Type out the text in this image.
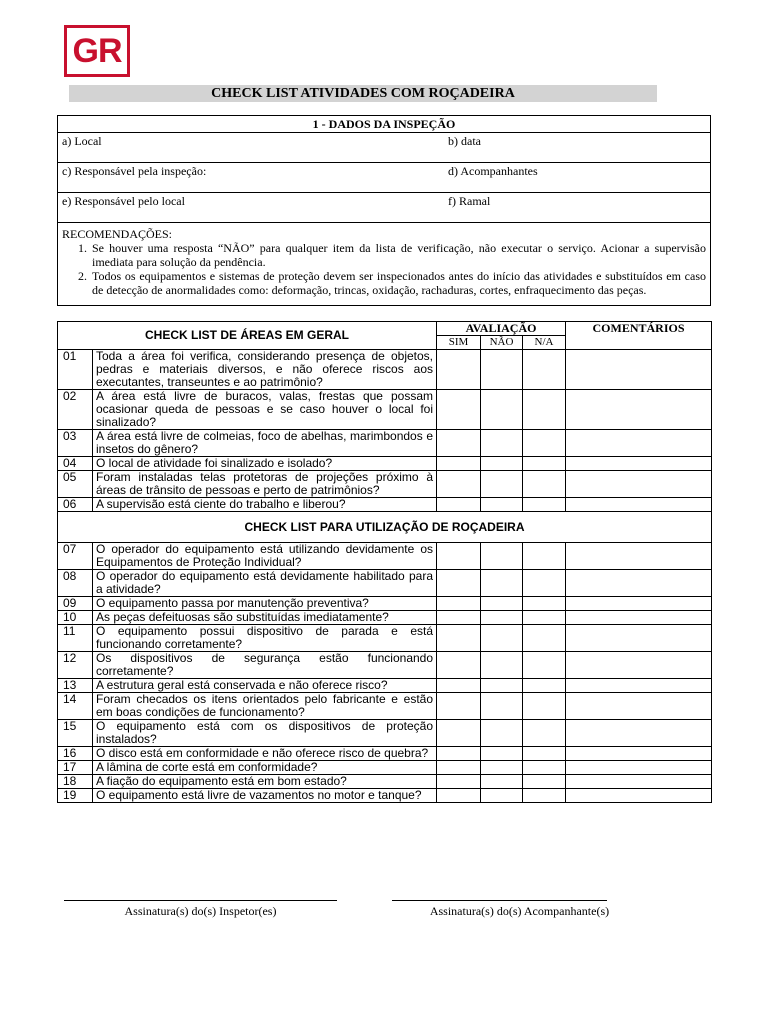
GR
CHECK LIST ATIVIDADES COM ROÇADEIRA
1 - DADOS DA INSPEÇÃO
a) Local	b) data
c) Responsável pela inspeção:	d) Acompanhantes
e) Responsável pelo local	f) Ramal
RECOMENDAÇÕES:
1. Se houver uma resposta “NÃO” para qualquer item da lista de verificação, não executar o serviço. Acionar a supervisão imediata para solução da pendência.
2. Todos os equipamentos e sistemas de proteção devem ser inspecionados antes do início das atividades e substituídos em caso de detecção de anormalidades como: deformação, trincas, oxidação, rachaduras, cortes, enfraquecimento das peças.
CHECK LIST DE ÁREAS EM GERAL		AVALIAÇÃO			COMENTÁRIOS
		SIM	NÃO	N/A	
01	Toda a área foi verifica, considerando presença de objetos, pedras e materiais diversos, e não oferece riscos aos executantes, transeuntes e ao patrimônio?				
02	A área está livre de buracos, valas, frestas que possam ocasionar queda de pessoas e se caso houver o local foi sinalizado?				
03	A área está livre de colmeias, foco de abelhas, marimbondos e insetos do gênero?				
04	O local de atividade foi sinalizado e isolado?				
05	Foram instaladas telas protetoras de projeções próximo à áreas de trânsito de pessoas e perto de patrimônios?				
06	A supervisão está ciente do trabalho e liberou?				
CHECK LIST PARA UTILIZAÇÃO DE ROÇADEIRA					
07	O operador do equipamento está utilizando devidamente os Equipamentos de Proteção Individual?				
08	O operador do equipamento está devidamente habilitado para a atividade?				
09	O equipamento passa por manutenção preventiva?				
10	As peças defeituosas são substituídas imediatamente?				
11	O equipamento possui dispositivo de parada e está funcionando corretamente?				
12	Os dispositivos de segurança estão funcionando corretamente?				
13	A estrutura geral está conservada e não oferece risco?				
14	Foram checados os itens orientados pelo fabricante e estão em boas condições de funcionamento?				
15	O equipamento está com os dispositivos de proteção instalados?				
16	O disco está em conformidade e não oferece risco de quebra?				
17	A lâmina de corte está em conformidade?				
18	A fiação do equipamento está em bom estado?				
19	O equipamento está livre de vazamentos no motor e tanque?				
Assinatura(s) do(s) Inspetor(es)	Assinatura(s) do(s) Acompanhante(s)
